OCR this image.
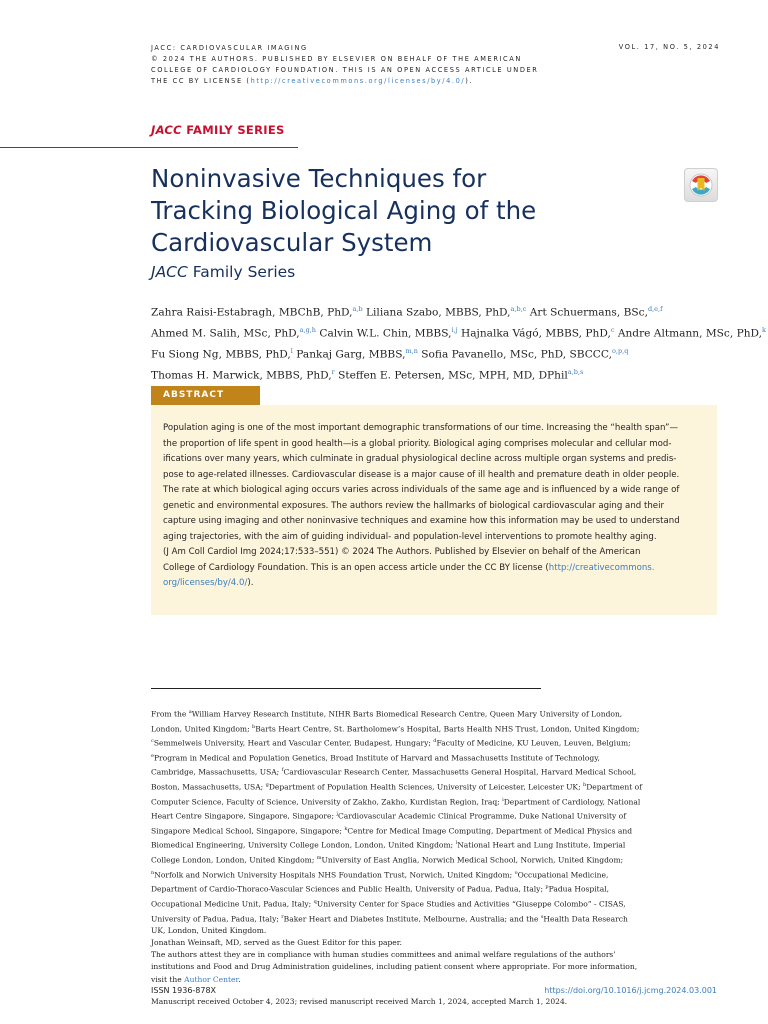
JACC: CARDIOVASCULAR IMAGING
© 2024 THE AUTHORS. PUBLISHED BY ELSEVIER ON BEHALF OF THE AMERICAN
COLLEGE OF CARDIOLOGY FOUNDATION. THIS IS AN OPEN ACCESS ARTICLE UNDER
THE CC BY LICENSE (http://creativecommons.org/licenses/by/4.0/).
VOL. 17, NO. 5, 2024
JACC FAMILY SERIES
Noninvasive Techniques for
Tracking Biological Aging of the
Cardiovascular System
JACC Family Series
Zahra Raisi-Estabragh, MBChB, PhD,$^{a,b}$ Liliana Szabo, MBBS, PhD,$^{a,b,c}$ Art Schuermans, BSc,$^{d,e,f}$
Ahmed M. Salih, MSc, PhD,$^{a,g,h}$ Calvin W.L. Chin, MBBS,$^{i,j}$ Hajnalka Vágó, MBBS, PhD,$^c$ Andre Altmann, MSc, PhD,$^k$
Fu Siong Ng, MBBS, PhD,$^l$ Pankaj Garg, MBBS,$^{m,n}$ Sofia Pavanello, MSc, PhD, SBCCC,$^{o,p,q}$
Thomas H. Marwick, MBBS, PhD,$^r$ Steffen E. Petersen, MSc, MPH, MD, DPhil$^{a,b,s}$
ABSTRACT
Population aging is one of the most important demographic transformations of our time. Increasing the “health span”—
the proportion of life spent in good health—is a global priority. Biological aging comprises molecular and cellular mod-
ifications over many years, which culminate in gradual physiological decline across multiple organ systems and predis-
pose to age-related illnesses. Cardiovascular disease is a major cause of ill health and premature death in older people.
The rate at which biological aging occurs varies across individuals of the same age and is influenced by a wide range of
genetic and environmental exposures. The authors review the hallmarks of biological cardiovascular aging and their
capture using imaging and other noninvasive techniques and examine how this information may be used to understand
aging trajectories, with the aim of guiding individual- and population-level interventions to promote healthy aging.
(J Am Coll Cardiol Img 2024;17:533–551) © 2024 The Authors. Published by Elsevier on behalf of the American
College of Cardiology Foundation. This is an open access article under the CC BY license (http://creativecommons.
org/licenses/by/4.0/).
From the $^a$William Harvey Research Institute, NIHR Barts Biomedical Research Centre, Queen Mary University of London,
London, United Kingdom; $^b$Barts Heart Centre, St. Bartholomew’s Hospital, Barts Health NHS Trust, London, United Kingdom;
$^c$Semmelweis University, Heart and Vascular Center, Budapest, Hungary; $^d$Faculty of Medicine, KU Leuven, Leuven, Belgium;
$^e$Program in Medical and Population Genetics, Broad Institute of Harvard and Massachusetts Institute of Technology,
Cambridge, Massachusetts, USA; $^f$Cardiovascular Research Center, Massachusetts General Hospital, Harvard Medical School,
Boston, Massachusetts, USA; $^g$Department of Population Health Sciences, University of Leicester, Leicester UK; $^h$Department of
Computer Science, Faculty of Science, University of Zakho, Zakho, Kurdistan Region, Iraq; $^i$Department of Cardiology, National
Heart Centre Singapore, Singapore, Singapore; $^j$Cardiovascular Academic Clinical Programme, Duke National University of
Singapore Medical School, Singapore, Singapore; $^k$Centre for Medical Image Computing, Department of Medical Physics and
Biomedical Engineering, University College London, London, United Kingdom; $^l$National Heart and Lung Institute, Imperial
College London, London, United Kingdom; $^m$University of East Anglia, Norwich Medical School, Norwich, United Kingdom;
$^n$Norfolk and Norwich University Hospitals NHS Foundation Trust, Norwich, United Kingdom; $^o$Occupational Medicine,
Department of Cardio-Thoraco-Vascular Sciences and Public Health, University of Padua, Padua, Italy; $^p$Padua Hospital,
Occupational Medicine Unit, Padua, Italy; $^q$University Center for Space Studies and Activities “Giuseppe Colombo” - CISAS,
University of Padua, Padua, Italy; $^r$Baker Heart and Diabetes Institute, Melbourne, Australia; and the $^s$Health Data Research
UK, London, United Kingdom.
Jonathan Weinsaft, MD, served as the Guest Editor for this paper.
The authors attest they are in compliance with human studies committees and animal welfare regulations of the authors’
institutions and Food and Drug Administration guidelines, including patient consent where appropriate. For more information,
visit the Author Center.
Manuscript received October 4, 2023; revised manuscript received March 1, 2024, accepted March 1, 2024.
ISSN 1936-878X	https://doi.org/10.1016/j.jcmg.2024.03.001
